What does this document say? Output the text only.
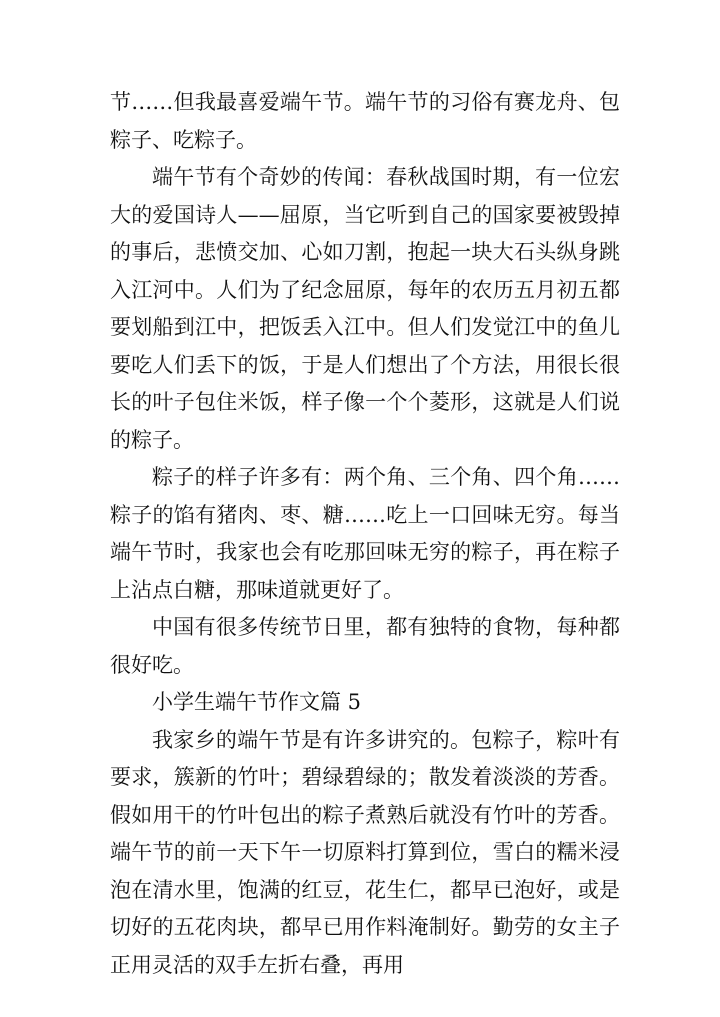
节……但我最喜爱端午节。端午节的习俗有赛龙舟、包粽子、吃粽子。

端午节有个奇妙的传闻：春秋战国时期，有一位宏大的爱国诗人——屈原，当它听到自己的国家要被毁掉的事后，悲愤交加、心如刀割，抱起一块大石头纵身跳入江河中。人们为了纪念屈原，每年的农历五月初五都要划船到江中，把饭丢入江中。但人们发觉江中的鱼儿要吃人们丢下的饭，于是人们想出了个方法，用很长很长的叶子包住米饭，样子像一个个菱形，这就是人们说的粽子。

粽子的样子许多有：两个角、三个角、四个角……粽子的馅有猪肉、枣、糖……吃上一口回味无穷。每当端午节时，我家也会有吃那回味无穷的粽子，再在粽子上沾点白糖，那味道就更好了。

中国有很多传统节日里，都有独特的食物，每种都很好吃。

小学生端午节作文篇 5

我家乡的端午节是有许多讲究的。包粽子，粽叶有要求，簇新的竹叶；碧绿碧绿的；散发着淡淡的芳香。假如用干的竹叶包出的粽子煮熟后就没有竹叶的芳香。端午节的前一天下午一切原料打算到位，雪白的糯米浸泡在清水里，饱满的红豆，花生仁，都早已泡好，或是切好的五花肉块，都早已用作料淹制好。勤劳的女主子正用灵活的双手左折右叠，再用
